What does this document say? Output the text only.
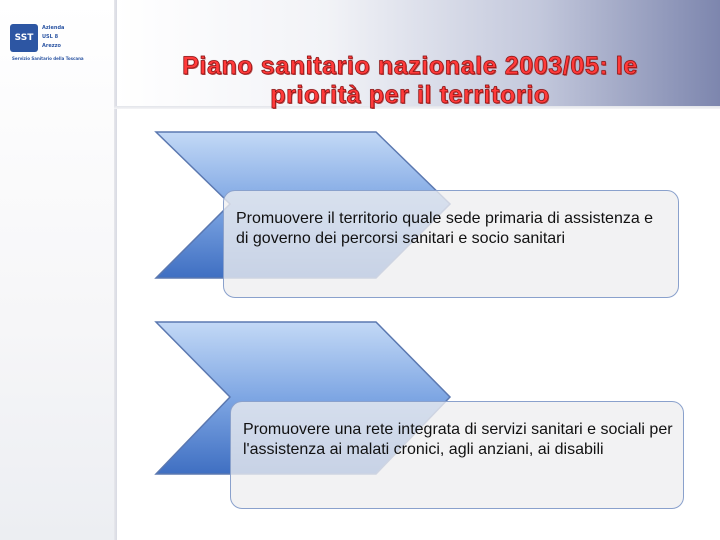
SST
Azienda
USL 8
Arezzo
Servizio Sanitario della Toscana	Piano sanitario nazionale 2003/05: le
priorità per il territorio
Promuovere il territorio quale sede primaria di assistenza e di governo dei percorsi sanitari e socio sanitari
Promuovere una rete integrata di servizi sanitari e sociali per l'assistenza ai malati cronici, agli anziani, ai disabili
